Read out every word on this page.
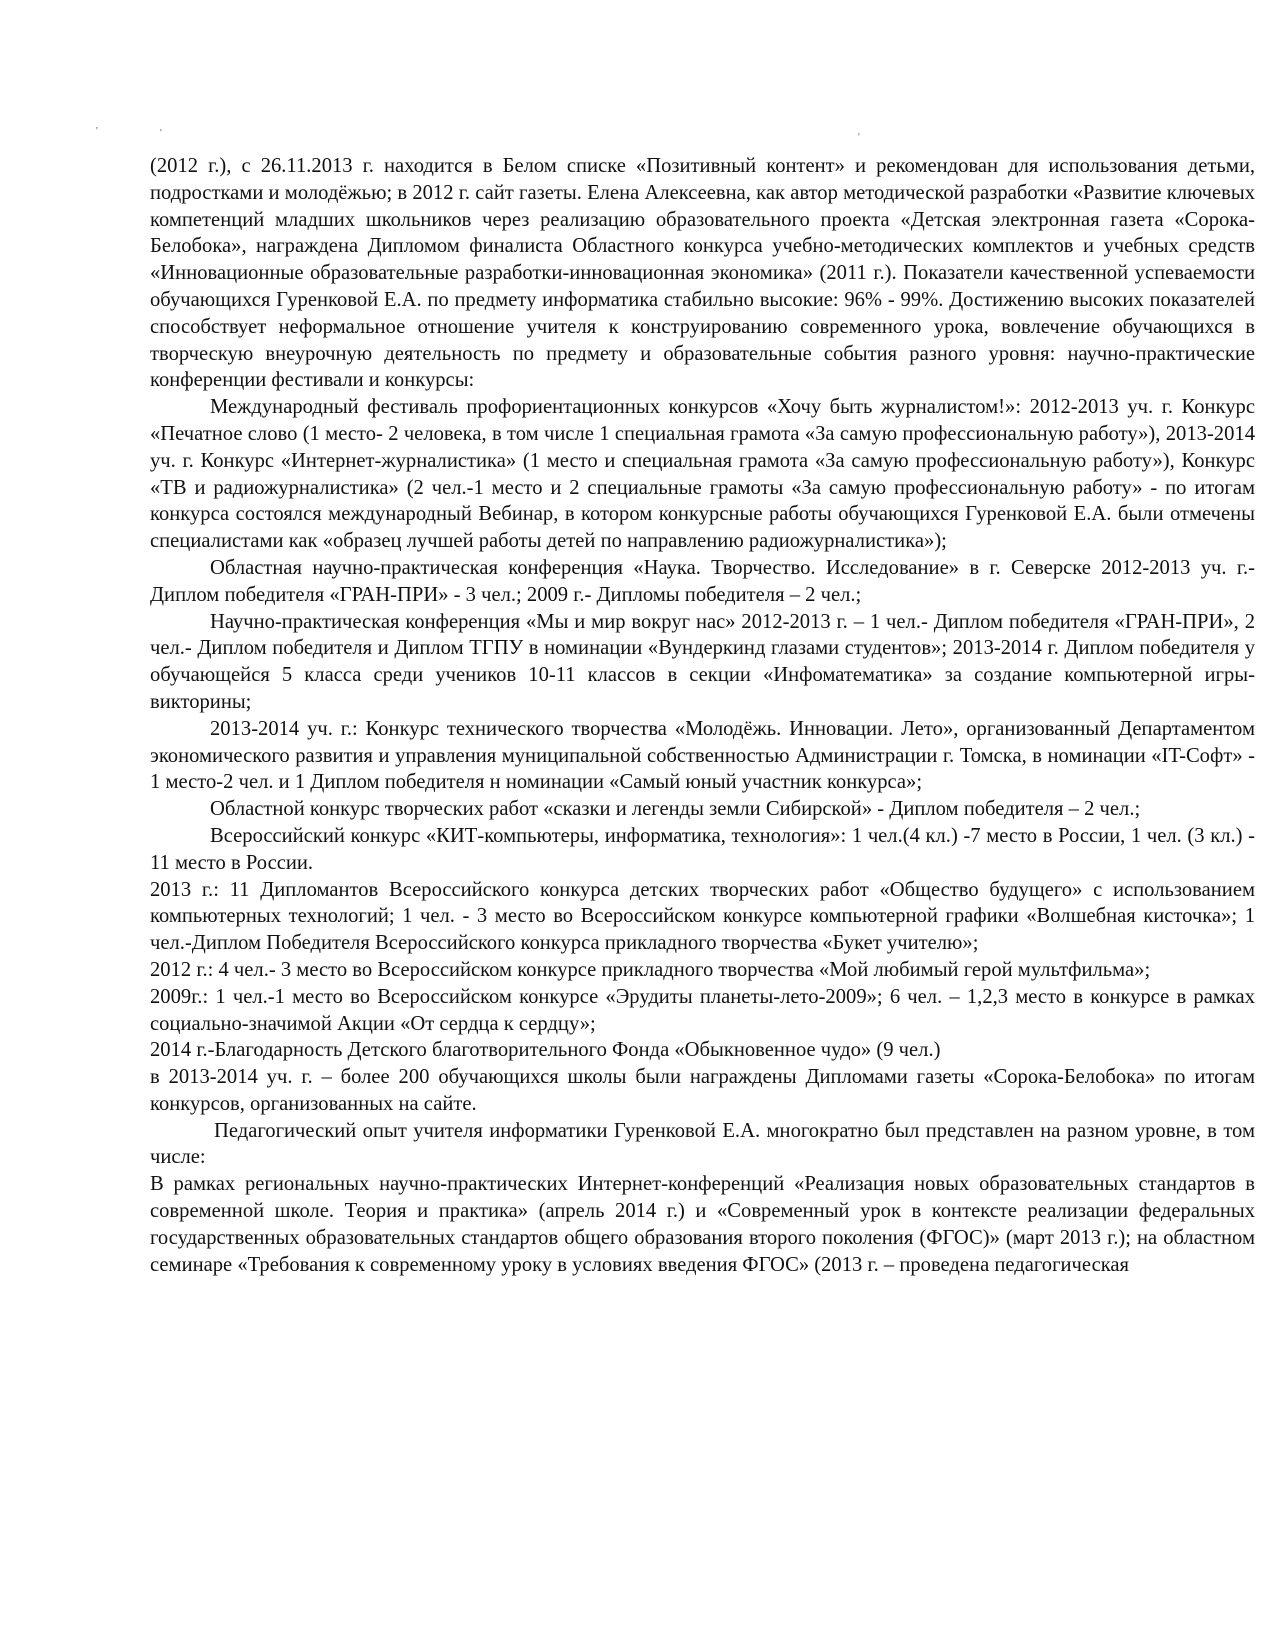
(2012 г.), с 26.11.2013 г. находится в Белом списке «Позитивный контент» и рекомендован для использования детьми, подростками и молодёжью; в 2012 г. сайт газеты. Елена Алексеевна, как автор методической разработки «Развитие ключевых компетенций младших школьников через реализацию образовательного проекта «Детская электронная газета «Сорока-Белобока», награждена Дипломом финалиста Областного конкурса учебно-методических комплектов и учебных средств «Инновационные образовательные разработки-инновационная экономика» (2011 г.). Показатели качественной успеваемости обучающихся Гуренковой Е.А. по предмету информатика стабильно высокие: 96% - 99%. Достижению высоких показателей способствует неформальное отношение учителя к конструированию современного урока, вовлечение обучающихся в творческую внеурочную деятельность по предмету и образовательные события разного уровня: научно-практические конференции фестивали и конкурсы:

Международный фестиваль профориентационных конкурсов «Хочу быть журналистом!»: 2012-2013 уч. г. Конкурс «Печатное слово (1 место- 2 человека, в том числе 1 специальная грамота «За самую профессиональную работу»), 2013-2014 уч. г. Конкурс «Интернет-журналистика» (1 место и специальная грамота «За самую профессиональную работу»), Конкурс «ТВ и радиожурналистика» (2 чел.-1 место и 2 специальные грамоты «За самую профессиональную работу» - по итогам конкурса состоялся международный Вебинар, в котором конкурсные работы обучающихся Гуренковой Е.А. были отмечены специалистами как «образец лучшей работы детей по направлению радиожурналистика»);

Областная научно-практическая конференция «Наука. Творчество. Исследование» в г. Северске 2012-2013 уч. г.- Диплом победителя «ГРАН-ПРИ» - 3 чел.; 2009 г.- Дипломы победителя – 2 чел.;

Научно-практическая конференция «Мы и мир вокруг нас» 2012-2013 г. – 1 чел.- Диплом победителя «ГРАН-ПРИ», 2 чел.- Диплом победителя и Диплом ТГПУ в номинации «Вундеркинд глазами студентов»; 2013-2014 г. Диплом победителя у обучающейся 5 класса среди учеников 10-11 классов в секции «Инфоматематика» за создание компьютерной игры-викторины;

2013-2014 уч. г.: Конкурс технического творчества «Молодёжь. Инновации. Лето», организованный Департаментом экономического развития и управления муниципальной собственностью Администрации г. Томска, в номинации «IT-Софт» - 1 место-2 чел. и 1 Диплом победителя н номинации «Самый юный участник конкурса»;

Областной конкурс творческих работ «сказки и легенды земли Сибирской» - Диплом победителя – 2 чел.;

Всероссийский конкурс «КИТ-компьютеры, информатика, технология»: 1 чел.(4 кл.) -7 место в России, 1 чел. (3 кл.) - 11 место в России.

2013 г.: 11 Дипломантов Всероссийского конкурса детских творческих работ «Общество будущего» с использованием компьютерных технологий; 1 чел. - 3 место во Всероссийском конкурсе компьютерной графики «Волшебная кисточка»; 1 чел.-Диплом Победителя Всероссийского конкурса прикладного творчества «Букет учителю»;

2012 г.: 4 чел.- 3 место во Всероссийском конкурсе прикладного творчества «Мой любимый герой мультфильма»;

2009г.: 1 чел.-1 место во Всероссийском конкурсе «Эрудиты планеты-лето-2009»; 6 чел. – 1,2,3 место в конкурсе в рамках социально-значимой Акции «От сердца к сердцу»;

2014 г.-Благодарность Детского благотворительного Фонда «Обыкновенное чудо» (9 чел.)

в 2013-2014 уч. г. – более 200 обучающихся школы были награждены Дипломами газеты «Сорока-Белобока» по итогам конкурсов, организованных на сайте.

Педагогический опыт учителя информатики Гуренковой Е.А. многократно был представлен на разном уровне, в том числе:

В рамках региональных научно-практических Интернет-конференций «Реализация новых образовательных стандартов в современной школе. Теория и практика» (апрель 2014 г.) и «Современный урок в контексте реализации федеральных государственных образовательных стандартов общего образования второго поколения (ФГОС)» (март 2013 г.); на областном семинаре «Требования к современному уроку в условиях введения ФГОС» (2013 г. – проведена педагогическая

'	'	'
